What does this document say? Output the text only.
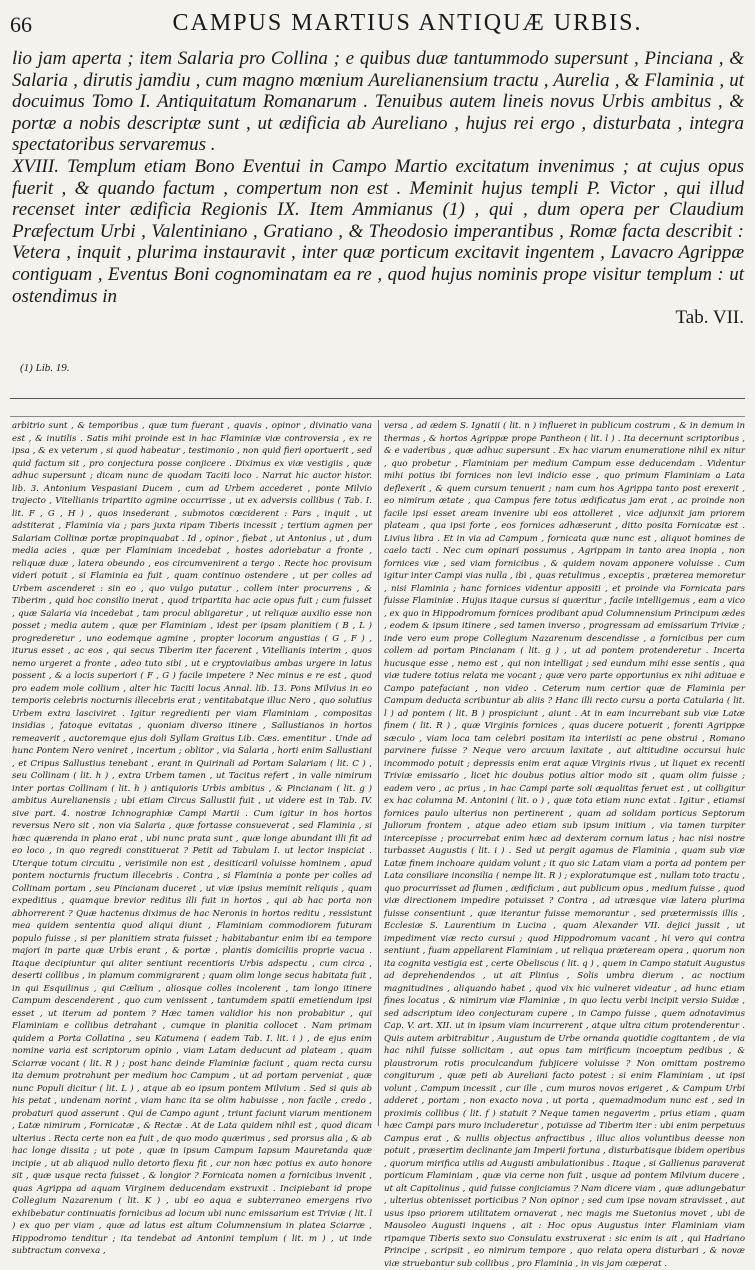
66	CAMPUS MARTIUS ANTIQUÆ URBIS.

lio jam aperta ; item Salaria pro Collina ; e quibus duæ tantummodo supersunt , Pinciana , & Salaria , dirutis jamdiu , cum magno mœnium Aurelianensium tractu , Aurelia , & Flaminia , ut docuimus Tomo I. Antiquitatum Romanarum . Tenuibus autem lineis novus Urbis ambitus , & portæ a nobis descriptæ sunt , ut ædificia ab Aureliano , hujus rei ergo , disturbata , integra spectatoribus servaremus .

XVIII. Templum etiam Bono Eventui in Campo Martio excitatum invenimus ; at cujus opus fuerit , & quando factum , compertum non est . Meminit hujus templi P. Victor , qui illud recenset inter ædificia Regionis IX. Item Ammianus (1) , qui , dum opera per Claudium Præfectum Urbi , Valentiniano , Gratiano , & Theodosio imperantibus , Romæ facta describit : Vetera , inquit , plurima instauravit , inter quæ porticum excitavit ingentem , Lavacro Agrippæ contiguam , Eventus Boni cognominatam ea re , quod hujus nominis prope visitur templum : ut ostendimus in

Tab. VII.

(1) Lib. 19.
arbitrio sunt , & temporibus , quæ tum fuerant , quavis , opinor , divinatio vana est , & inutilis . Satis mihi proinde est in hac Flaminiæ viæ controversia , ex re ipsa , & ex veterum , si quod habeatur , testimonio , non quid fieri oportuerit , sed quid factum sit , pro conjectura posse conjicere . Diximus ex viæ vestigiis , quæ adhuc supersunt ; dicam nunc de quodam Taciti loco . Narrat hic auctor histor. lib. 3. Antonium Vespasiani Ducem , cum ad Urbem accederet , ponte Milvio trajecto , Vitellianis tripartito agmine occurrisse , ut ex adversis collibus ( Tab. I. lit. F , G , H ) , quos insederant , submotos cœciderent : Pars , inquit , ut adstiterat , Flaminia via ; pars juxta ripam Tiberis incessit ; tertium agmen per Salariam Collinæ portæ propinquabat . Id , opinor , fiebat , ut Antonius , ut , dum media acies , quæ per Flaminiam incedebat , hostes adoriebatur a fronte , reliquæ duæ , latera obeundo , eos circumvenirent a tergo . Recte hoc provisum videri potuit , si Flaminia ea fuit , quam continuo ostendere , ut per colles ad Urbem ascenderet : sin eo , quo vulgo putatur , collem inter procurrens , & Tiberim , quid hoc consilio inerat , quod tripartita hac acie opus fuit ; cum fuisset , quæ Salaria via incedebat , tam procul abligaretur , ut reliquæ auxilio esse non posset ; media autem , quæ per Flaminiam , idest per ipsam planitiem ( B , L ) progrederetur , uno eodemque agmine , propter locorum angustias ( G , F ) , iturus esset , ac eos , qui secus Tiberim iter facerent , Vitellianis interim , quos nemo urgeret a fronte , adeo tuto sibi , ut e cryptoviaibus ambas urgere in latus possent , & a locis superiori ( F , G ) facile impetere ? Nec minus e re est , quod pro eadem mole collium , alter hic Taciti locus Annal. lib. 13. Pons Milvius in eo temporis celebris nocturnis illecebris erat ; ventitabatque illuc Nero , quo solutius Urbem extra lasciviret . Igitur regredienti per viam Flaminiam , compositas insidias , fatoque evitatas , quoniam diverso itinere , Sallustianos in hortos remeaverit , auctoremque ejus doli Syllam Graitus Lib. Cæs. ementitur . Unde ad hunc Pontem Nero veniret , incertum ; oblitor , via Salaria , horti enim Sallustiani , et Cripus Sallustius tenebant , erant in Quirinali ad Portam Salariam ( lit. C ) , seu Collinam ( lit. h ) , extra Urbem tamen , ut Tacitus refert , in valle nimirum inter portas Collinam ( lit. h ) antiquioris Urbis ambitus , & Pincianam ( lit. g ) ambitus Aurelianensis ; ubi etiam Circus Sallustii fuit , ut videre est in Tab. IV. sive part. 4. nostræ Ichnographiæ Campi Martii . Cum igitur in hos hortos reversus Nero sit , non via Salaria , quæ fortasse consueverat , sed Flaminia , si hæc quærenda in plano erat , ubi nunc prata sunt , quæ longe abundant illi fit ad eo loco , in quo regredi constituerat ? Petit ad Tabulam I. ut lector inspiciat . Uterque totum circuitu , verisimile non est , desiticaril voluisse hominem , apud pontem nocturnis fructum illecebris . Contra , si Flaminia a ponte per colles ad Collinam portam , seu Pincianam duceret , ut viæ ipsius meminit reliquis , quam expeditius , quamque brevior reditus illi fuit in hortos , qui ab hac porta non abhorrerent ? Quæ hactenus diximus de hac Neronis in hortos reditu , ressistunt mea quidem sententia quod aliqui diunt , Flaminiam commodiorem futuram populo fuisse , si per planitiem strata fuisset ; habitabantur enim ibi ea tempore majori in parte quæ Urbis erant , & portæ , plantis domiciliis proprie vacua . Itaque decipiuntur qui aliter sentiunt recentioris Urbis adspectu , cum circa , deserti collibus , in plamum commigrarent ; quam olim longe secus habitata fuit , in qui Esquilinus , qui Cælium , aliosque colles incolerent , tam longo itinere Campum descenderent , quo cum venissent , tantumdem spatii emetiendum ipsi esset , ut iterum ad pontem ? Hæc tamen validior his non probabitur , qui Flaminiam e collibus detrahant , cumque in planitia collocet . Nam primam quidem a Porta Collatina , seu Katumena ( eadem Tab. I. lit. i ) , de ejus enim nomine varia est scriptorum opinio , viam Latam deducunt ad plateam , quam Sciarræ vocant ( lit. R ) ; post hanc deinde Flaminiæ faciunt , quam recta cursu ita demum protrahunt per medium hoc Campum , ut ad portam perveniat , quæ nunc Populi dicitur ( lit. L ) , atque ab eo ipsum pontem Milvium . Sed si quis ab his petat , undenam norint , viam hanc ita se olim habuisse , non facile , credo , probaturi quod asserunt . Qui de Campo agunt , triunt faciunt viarum mentionem , Latæ nimirum , Fornicatæ , & Rectæ . At de Lata quidem nihil est , quod dicam ulterius . Recta certe non ea fuit , de quo modo quærimus , sed prorsus alia , & ab hac longe dissita ; ut pote , quæ in ipsum Campum Iapsum Mauretanda quæ incipie , ut ab aliquod nullo detorto flexu fit , cur non hæc potius ex auto honore sit , quæ usque recta fuisset , & longior ? Fornicata nomen a fornicibus invenit , quas Agrippa ad aquam Virginem deducendam exstruxit . Incipiebant id prope Collegium Nazarenum ( lit. K ) , ubi eo aqua e subterraneo emergens rivo exhibebatur continuatis fornicibus ad locum ubi nunc emissarium est Triviæ ( lit. l ) ex quo per viam , quæ ad latus est altum Columnensium in platea Sciarræ , Hippodromo tenditur ; ita tendebat ad Antonini templum ( lit. m ) , ut inde subtractum convexa ,
versa , ad ædem S. Ignatii ( lit. n ) influeret in publicum costrum , & in demum in thermas , & hortos Agrippæ prope Pantheon ( lit. l ) . Ita decernunt scriptoribus , & e vaderibus , quæ adhuc supersunt . Ex hac viarum enumeratione nihil ex nitur , quo probetur , Flaminiam per medium Campum esse deducendam . Videntur mihi potius ibi fornices non levi indicio esse , quo primum Flaminiam a Lata deflexerit , & quem cursum tenuerit ; nam cum hos Agrippa tanto post erexerit , eo nimirum ætate , qua Campus fere totus ædificatus jam erat , ac proinde non facile ipsi esset aream invenire ubi eos attolleret , vice adjunxit jam priorem plateam , qua ipsi forte , eos fornices adhæserunt , ditto posita Fornicatæ est . Livius libra . Et in via ad Campum , fornicata quæ nunc est , aliquot homines de caelo tacti . Nec cum opinari possumus , Agrippam in tanto area inopia , non fornices viæ , sed viam fornicibus , & quidem novam apponere voluisse . Cum igitur inter Campi vias nulla , ibi , quas retulimus , exceptis , præterea memoretur , nisi Flaminia ; hanc fornices videntur appositi , et proinde via Fornicata pars fuisse Flaminiæ . Hujus itaque cursus si quæritur , facile intelligemus , eam a vico , ex quo in Hippodromum fornices prodibant apud Columnensium Principum ædes , eodem & ipsum itinere , sed tamen inverso , progressam ad emissarium Triviæ ; inde vero eum prope Collegium Nazarenum descendisse , a fornicibus per cum collem ad portam Pincianam ( lit. g ) , ut ad pontem protenderetur . Incerta hucusque esse , nemo est , qui non intelligat ; sed eundum mihi esse sentis , qua viæ tudere totius relata me vocant ; quæ vero parte opportunius ex nihi adituae e Campo patefaciant , non video . Ceterum num certior quæ de Flaminia per Campum deducta scribuntur ab aliis ? Hanc illi recto cursu a porta Catularia ( lit. l ) ad pontem ( lit. B ) prospiciunt , aiunt . At in eam incurrebant sub viæ Latæ finem ( lit. R ) , quæ Virginis fornices , quas ducere potuerit , forenti Agrippæ sæculo , viam loca tam celebri positam ita interiisti ac pene obstrui , Romano parvinere fuisse ? Neque vero arcuum laxitate , aut altitudine occursui huic incommodo potuit ; depressis enim erat aquæ Virginis rivus , ut liquet ex recenti Triviæ emissario , licet hic doubus potius altior modo sit , quam olim fuisse ; eadem vero , ac prius , in hac Campi parte soli æqualitas feruet est , ut colligitur ex hac columna M. Antonini ( lit. o ) , quæ tota etiam nunc extat . Igitur , etiamsi fornices paulo ulterius non pertinerent , quam ad solidam porticus Septorum Juliorum frontem , atque adeo etiam sub ipsum initium , via tamen turpiter intercepisse ; procurrebat enim hæc ad dexteram cornum latus ; hac nisi nostre turbasset Augustis ( lit. i ) . Sed ut pergit agamus de Flaminia , quam sub viæ Latæ finem inchoare quidam volunt ; it quo sic Latam viam a porta ad pontem per Lata consiliare inconsilia ( nempe lit. R ) ; exploratumque est , nullam toto tractu , quo procurrisset ad flumen , ædificium , aut publicum opus , medium fuisse , quod viæ directionem impedire potuisset ? Contra , ad utræsque viæ latera plurima fuisse consentiunt , quæ iterantur fuisse memorantur , sed prætermissis illis , Ecclesiæ S. Laurentium in Lucina , quam Alexander VII. dejici jussit , ut impediment viæ recto cursui ; quod Hippodromum vacant , hi vero qui contra sentiunt , fuam appellarent Flaminiam , ut reliqua præteream opera , quorum non ita cognita vestigia est , certe Obeliscus ( lit. q ) , quem in Campo statuit Augustus ad deprehendendos , ut ait Plinius , Solis umbra dierum , ac noctium magnitudines , aliquando habet , quod vix hic vulneret videatur , ad hunc etiam fines locatus , & nimirum viæ Flaminiæ , in quo lectu verbi incipit versio Suidæ , sed adscriptum ideo conjecturam cupere , in Campo fuisse , quem adnotavimus Cap. V. art. XII. ut in ipsum viam incurrerent , atque ultra citum protenderentur . Quis autem arbitrabitur , Augustum de Urbe ornanda quotidie cogitantem , de via hac nihil fuisse sollicitam , aut opus tam mirificum incoeptum pedibus , & plaustrorum rotis proculcandum fubjicere voluisse ? Non omittam postremo congiturum , quæ peti ab Aureliani facto potest : si enim Flaminiam , ut ipsi volunt , Campum incessit , cur ille , cum muros novos erigeret , & Campum Urbi adderet , portam , non exacto nova , ut porta , quemadmodum nunc est , sed in proximis collibus ( lit. f ) statuit ? Neque tamen negaverim , prius etiam , quam hæc Campi pars muro includeretur , potuisse ad Tiberim iter : ubi enim perpetuus Campus erat , & nullis objectus anfractibus , illuc alios voluntibus deesse non potuit , præsertim declinante jam Imperii fortuna , disturbatisque ibidem operibus , quorum mirifica utilis ad Augusti ambulationibus . Itaque , si Gallienus paraverat porticum Flaminiam , quæ via cerne non fuit , usque ad pontem Milvium ducere , ut alt Capitolinus , quid fuisse conjiciamus ? Nam dicere viam , quæ adiungebatur , ulterius obtenisset porticibus ? Non opinor ; sed cum ipse novam stravisset , aut usus ipso priorem utilitatem ornaverat , nec magis me Suetonius movet , ubi de Mausoleo Augusti inquens , ait : Hoc opus Augustus inter Flaminiam viam ripamque Tiberis sexto suo Consulatu exstruxerat : sic enim is ait , qui Hadriano Principe , scripsit , eo nimirum tempore , quo relata opera disturbari , & novæ viæ struebantur sub collibus , pro Flaminia , in vis jam cæperat .
